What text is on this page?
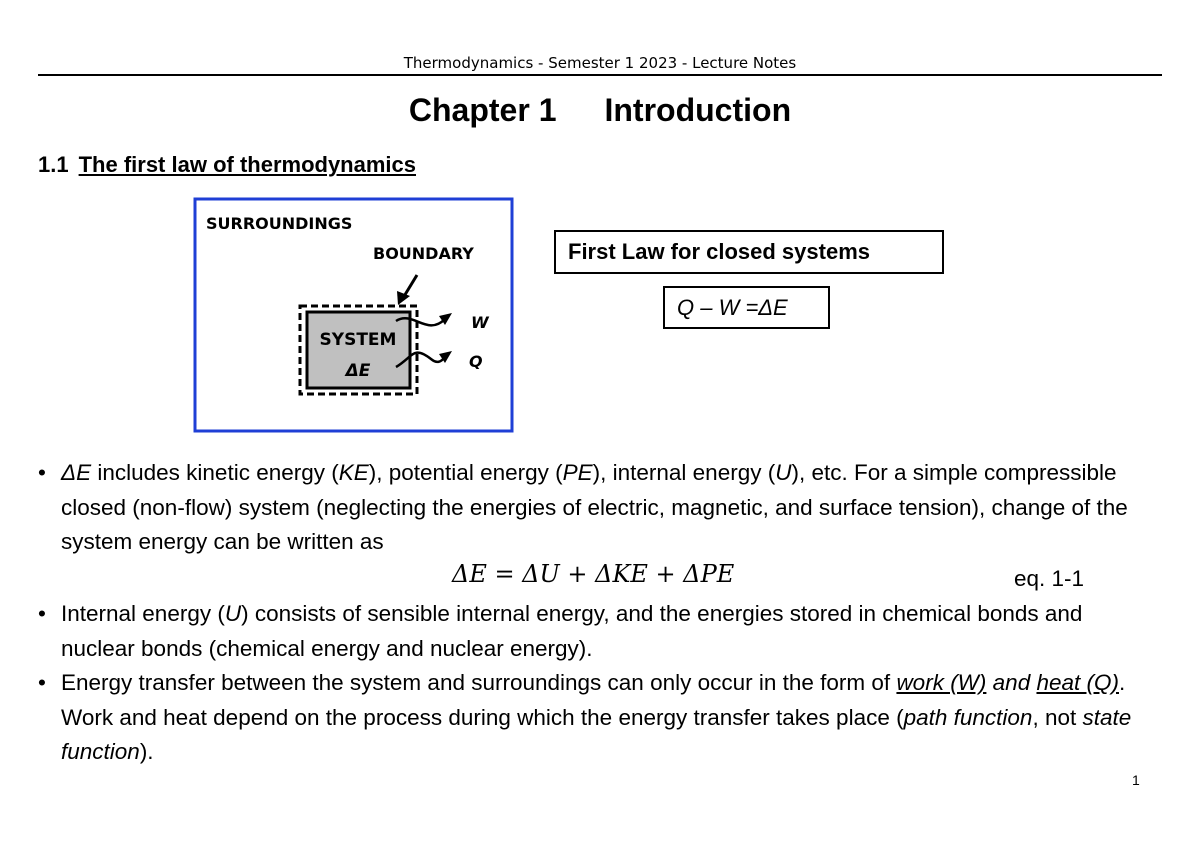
Thermodynamics - Semester 1 2023 - Lecture Notes
Chapter 1 Introduction
1.1 The first law of thermodynamics
SURROUNDINGS
BOUNDARY
SYSTEM
ΔE
W
Q
First Law for closed systems
Q – W =ΔE
• ΔE includes kinetic energy (KE), potential energy (PE), internal energy (U), etc. For a simple compressible closed (non-flow) system (neglecting the energies of electric, magnetic, and surface tension), change of the system energy can be written as
ΔE = ΔU + ΔKE + ΔPE	eq. 1-1
• Internal energy (U) consists of sensible internal energy, and the energies stored in chemical bonds and nuclear bonds (chemical energy and nuclear energy).
• Energy transfer between the system and surroundings can only occur in the form of work (W) and heat (Q). Work and heat depend on the process during which the energy transfer takes place (path function, not state function).
1
